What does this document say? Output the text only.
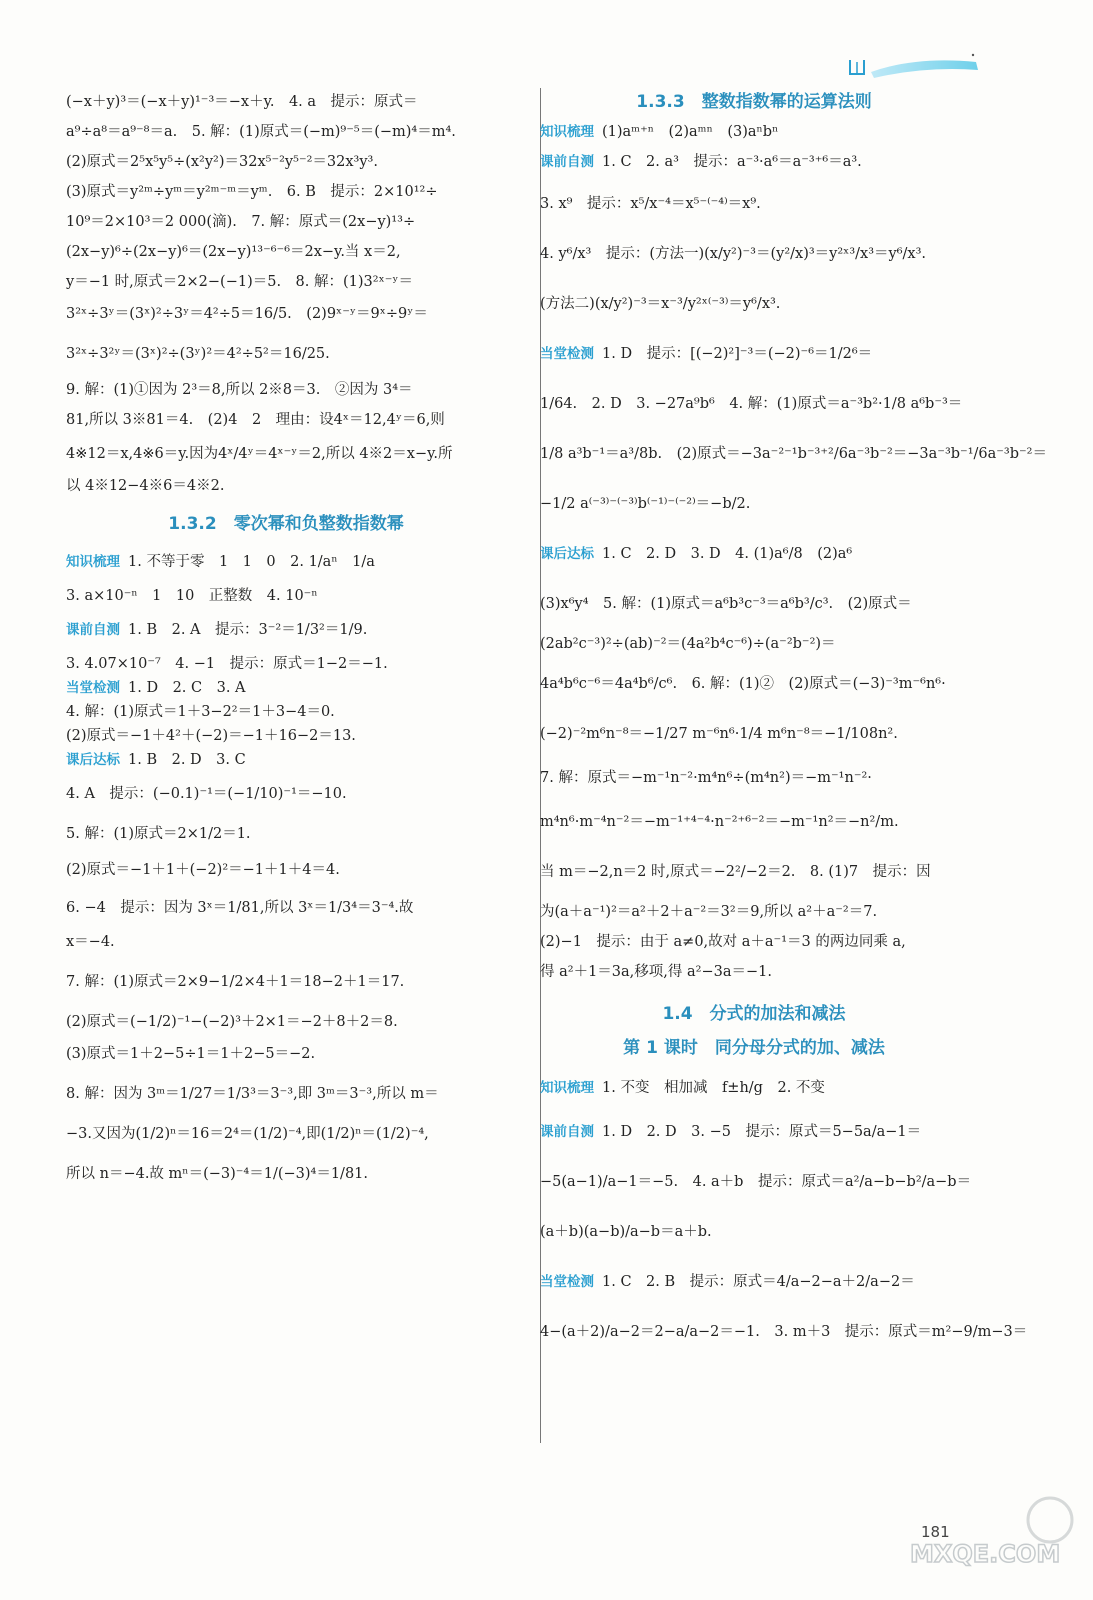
(−x＋y)³＝(−x＋y)¹⁻³＝−x＋y.　4. a　提示：原式＝
a⁹÷a⁸＝a⁹⁻⁸＝a.　5. 解：(1)原式＝(−m)⁹⁻⁵＝(−m)⁴＝m⁴.
(2)原式＝2⁵x⁵y⁵÷(x²y²)＝32x⁵⁻²y⁵⁻²＝32x³y³.
(3)原式＝y²ᵐ÷yᵐ＝y²ᵐ⁻ᵐ＝yᵐ.　6. B　提示：2×10¹²÷
10⁹＝2×10³＝2 000(滴).　7. 解：原式＝(2x−y)¹³÷
(2x−y)⁶÷(2x−y)⁶＝(2x−y)¹³⁻⁶⁻⁶＝2x−y.当 x＝2,
y＝−1 时,原式＝2×2−(−1)＝5.　8. 解：(1)3²ˣ⁻ʸ＝
3²ˣ÷3ʸ＝(3ˣ)²÷3ʸ＝4²÷5＝16/5.　(2)9ˣ⁻ʸ＝9ˣ÷9ʸ＝
3²ˣ÷3²ʸ＝(3ˣ)²÷(3ʸ)²＝4²÷5²＝16/25.
9. 解：(1)①因为 2³＝8,所以 2※8＝3.　②因为 3⁴＝
81,所以 3※81＝4.　(2)4　2　理由：设4ˣ＝12,4ʸ＝6,则
4※12＝x,4※6＝y.因为4ˣ/4ʸ＝4ˣ⁻ʸ＝2,所以 4※2＝x−y.所
以 4※12−4※6＝4※2.
1.3.2　零次幂和负整数指数幂
知识梳理 1. 不等于零　1　1　0　2. 1/aⁿ　1/a
3. a×10⁻ⁿ　1　10　正整数　4. 10⁻ⁿ
课前自测 1. B　2. A　提示：3⁻²＝1/3²＝1/9.
3. 4.07×10⁻⁷　4. −1　提示：原式＝1−2＝−1.
当堂检测 1. D　2. C　3. A
4. 解：(1)原式＝1＋3−2²＝1＋3−4＝0.
(2)原式＝−1＋4²＋(−2)＝−1＋16−2＝13.
课后达标 1. B　2. D　3. C
4. A　提示：(−0.1)⁻¹＝(−1/10)⁻¹＝−10.
5. 解：(1)原式＝2×1/2＝1.
(2)原式＝−1＋1＋(−2)²＝−1＋1＋4＝4.
6. −4　提示：因为 3ˣ＝1/81,所以 3ˣ＝1/3⁴＝3⁻⁴.故
x＝−4.
7. 解：(1)原式＝2×9−1/2×4＋1＝18−2＋1＝17.
(2)原式＝(−1/2)⁻¹−(−2)³＋2×1＝−2＋8＋2＝8.
(3)原式＝1＋2−5÷1＝1＋2−5＝−2.
8. 解：因为 3ᵐ＝1/27＝1/3³＝3⁻³,即 3ᵐ＝3⁻³,所以 m＝
−3.又因为(1/2)ⁿ＝16＝2⁴＝(1/2)⁻⁴,即(1/2)ⁿ＝(1/2)⁻⁴,
所以 n＝−4.故 mⁿ＝(−3)⁻⁴＝1/(−3)⁴＝1/81.
1.3.3　整数指数幂的运算法则
知识梳理 (1)aᵐ⁺ⁿ　(2)aᵐⁿ　(3)aⁿbⁿ
课前自测 1. C　2. a³　提示：a⁻³·a⁶＝a⁻³⁺⁶＝a³.
3. x⁹　提示：x⁵/x⁻⁴＝x⁵⁻⁽⁻⁴⁾＝x⁹.
4. y⁶/x³　提示：(方法一)(x/y²)⁻³＝(y²/x)³＝y²ˣ³/x³＝y⁶/x³.
(方法二)(x/y²)⁻³＝x⁻³/y²ˣ⁽⁻³⁾＝y⁶/x³.
当堂检测 1. D　提示：[(−2)²]⁻³＝(−2)⁻⁶＝1/2⁶＝
1/64.　2. D　3. −27a⁹b⁶　4. 解：(1)原式＝a⁻³b²·1/8 a⁶b⁻³＝
1/8 a³b⁻¹＝a³/8b.　(2)原式＝−3a⁻²⁻¹b⁻³⁺²/6a⁻³b⁻²＝−3a⁻³b⁻¹/6a⁻³b⁻²＝
−1/2 a⁽⁻³⁾⁻⁽⁻³⁾b⁽⁻¹⁾⁻⁽⁻²⁾＝−b/2.
课后达标 1. C　2. D　3. D　4. (1)a⁶/8　(2)a⁶
(3)x⁶y⁴　5. 解：(1)原式＝a⁶b³c⁻³＝a⁶b³/c³.　(2)原式＝
(2ab²c⁻³)²÷(ab)⁻²＝(4a²b⁴c⁻⁶)÷(a⁻²b⁻²)＝
4a⁴b⁶c⁻⁶＝4a⁴b⁶/c⁶.　6. 解：(1)②　(2)原式＝(−3)⁻³m⁻⁶n⁶·
(−2)⁻²m⁶n⁻⁸＝−1/27 m⁻⁶n⁶·1/4 m⁶n⁻⁸＝−1/108n².
7. 解：原式＝−m⁻¹n⁻²·m⁴n⁶÷(m⁴n²)＝−m⁻¹n⁻²·
m⁴n⁶·m⁻⁴n⁻²＝−m⁻¹⁺⁴⁻⁴·n⁻²⁺⁶⁻²＝−m⁻¹n²＝−n²/m.
当 m＝−2,n＝2 时,原式＝−2²/−2＝2.　8. (1)7　提示：因
为(a＋a⁻¹)²＝a²＋2＋a⁻²＝3²＝9,所以 a²＋a⁻²＝7.
(2)−1　提示：由于 a≠0,故对 a＋a⁻¹＝3 的两边同乘 a,
得 a²＋1＝3a,移项,得 a²−3a＝−1.
1.4　分式的加法和减法
第 1 课时　同分母分式的加、减法
知识梳理 1. 不变　相加减　f±h/g　2. 不变
课前自测 1. D　2. D　3. −5　提示：原式＝5−5a/a−1＝
−5(a−1)/a−1＝−5.　4. a＋b　提示：原式＝a²/a−b−b²/a−b＝
(a＋b)(a−b)/a−b＝a＋b.
当堂检测 1. C　2. B　提示：原式＝4/a−2−a＋2/a−2＝
4−(a＋2)/a−2＝2−a/a−2＝−1.　3. m＋3　提示：原式＝m²−9/m−3＝
181
MXQE.COM
